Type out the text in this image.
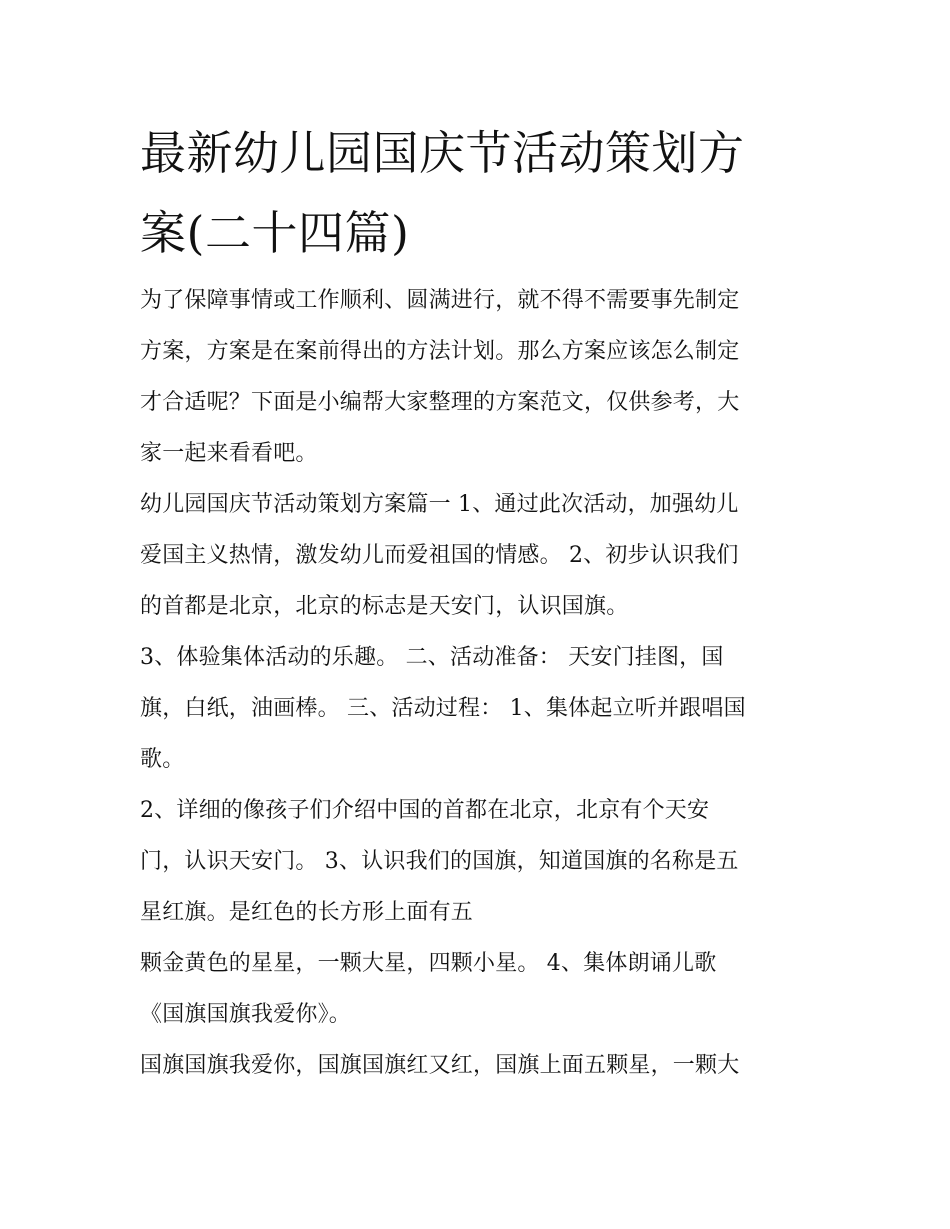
最新幼儿园国庆节活动策划方
案(二十四篇)
为了保障事情或工作顺利、圆满进行，就不得不需要事先制定
方案，方案是在案前得出的方法计划。那么方案应该怎么制定
才合适呢？下面是小编帮大家整理的方案范文，仅供参考，大
家一起来看看吧。
幼儿园国庆节活动策划方案篇一 1、通过此次活动，加强幼儿
爱国主义热情，激发幼儿而爱祖国的情感。 2、初步认识我们
的首都是北京，北京的标志是天安门，认识国旗。
3、体验集体活动的乐趣。 二、活动准备： 天安门挂图，国
旗，白纸，油画棒。 三、活动过程： 1、集体起立听并跟唱国
歌。
2、详细的像孩子们介绍中国的首都在北京，北京有个天安
门，认识天安门。 3、认识我们的国旗，知道国旗的名称是五
星红旗。是红色的长方形上面有五
颗金黄色的星星，一颗大星，四颗小星。 4、集体朗诵儿歌
《国旗国旗我爱你》。
国旗国旗我爱你，国旗国旗红又红，国旗上面五颗星，一颗大
